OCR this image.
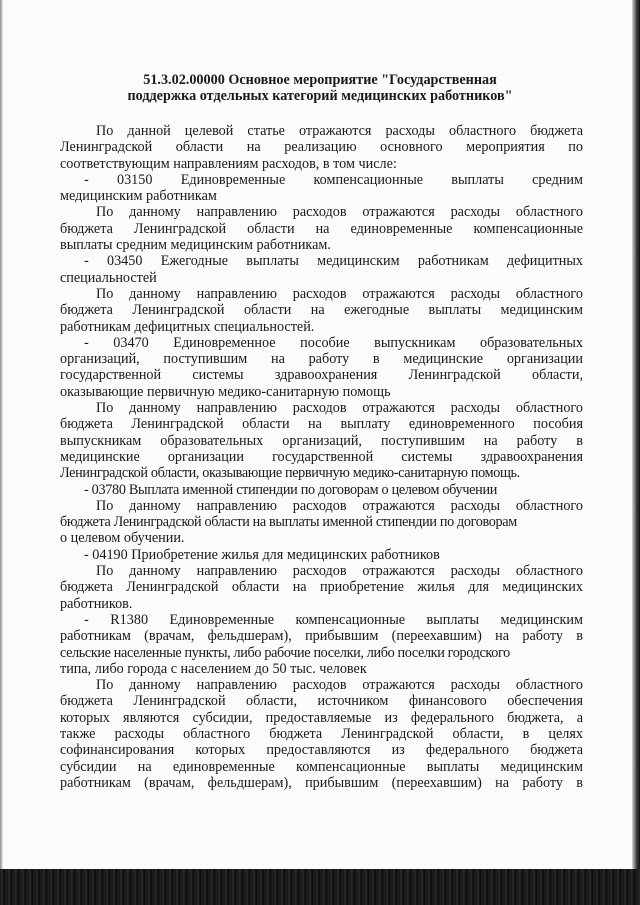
51.3.02.00000 Основное мероприятие "Государственная
поддержка отдельных категорий медицинских работников"
По данной целевой статье отражаются расходы областного бюджета
Ленинградской области на реализацию основного мероприятия по
соответствующим направлениям расходов, в том числе:
- 03150 Единовременные компенсационные выплаты средним
медицинским работникам
По данному направлению расходов отражаются расходы областного
бюджета Ленинградской области на единовременные компенсационные
выплаты средним медицинским работникам.
- 03450 Ежегодные выплаты медицинским работникам дефицитных
специальностей
По данному направлению расходов отражаются расходы областного
бюджета Ленинградской области на ежегодные выплаты медицинским
работникам дефицитных специальностей.
- 03470 Единовременное пособие выпускникам образовательных
организаций, поступившим на работу в медицинские организации
государственной системы здравоохранения Ленинградской области,
оказывающие первичную медико-санитарную помощь
По данному направлению расходов отражаются расходы областного
бюджета Ленинградской области на выплату единовременного пособия
выпускникам образовательных организаций, поступившим на работу в
медицинские организации государственной системы здравоохранения
Ленинградской области, оказывающие первичную медико-санитарную помощь.
- 03780 Выплата именной стипендии по договорам о целевом обучении
По данному направлению расходов отражаются расходы областного
бюджета Ленинградской области на выплаты именной стипендии по договорам
о целевом обучении.
- 04190 Приобретение жилья для медицинских работников
По данному направлению расходов отражаются расходы областного
бюджета Ленинградской области на приобретение жилья для медицинских
работников.
- R1380 Единовременные компенсационные выплаты медицинским
работникам (врачам, фельдшерам), прибывшим (переехавшим) на работу в
сельские населенные пункты, либо рабочие поселки, либо поселки городского
типа, либо города с населением до 50 тыс. человек
По данному направлению расходов отражаются расходы областного
бюджета Ленинградской области, источником финансового обеспечения
которых являются субсидии, предоставляемые из федерального бюджета, а
также расходы областного бюджета Ленинградской области, в целях
софинансирования которых предоставляются из федерального бюджета
субсидии на единовременные компенсационные выплаты медицинским
работникам (врачам, фельдшерам), прибывшим (переехавшим) на работу в
